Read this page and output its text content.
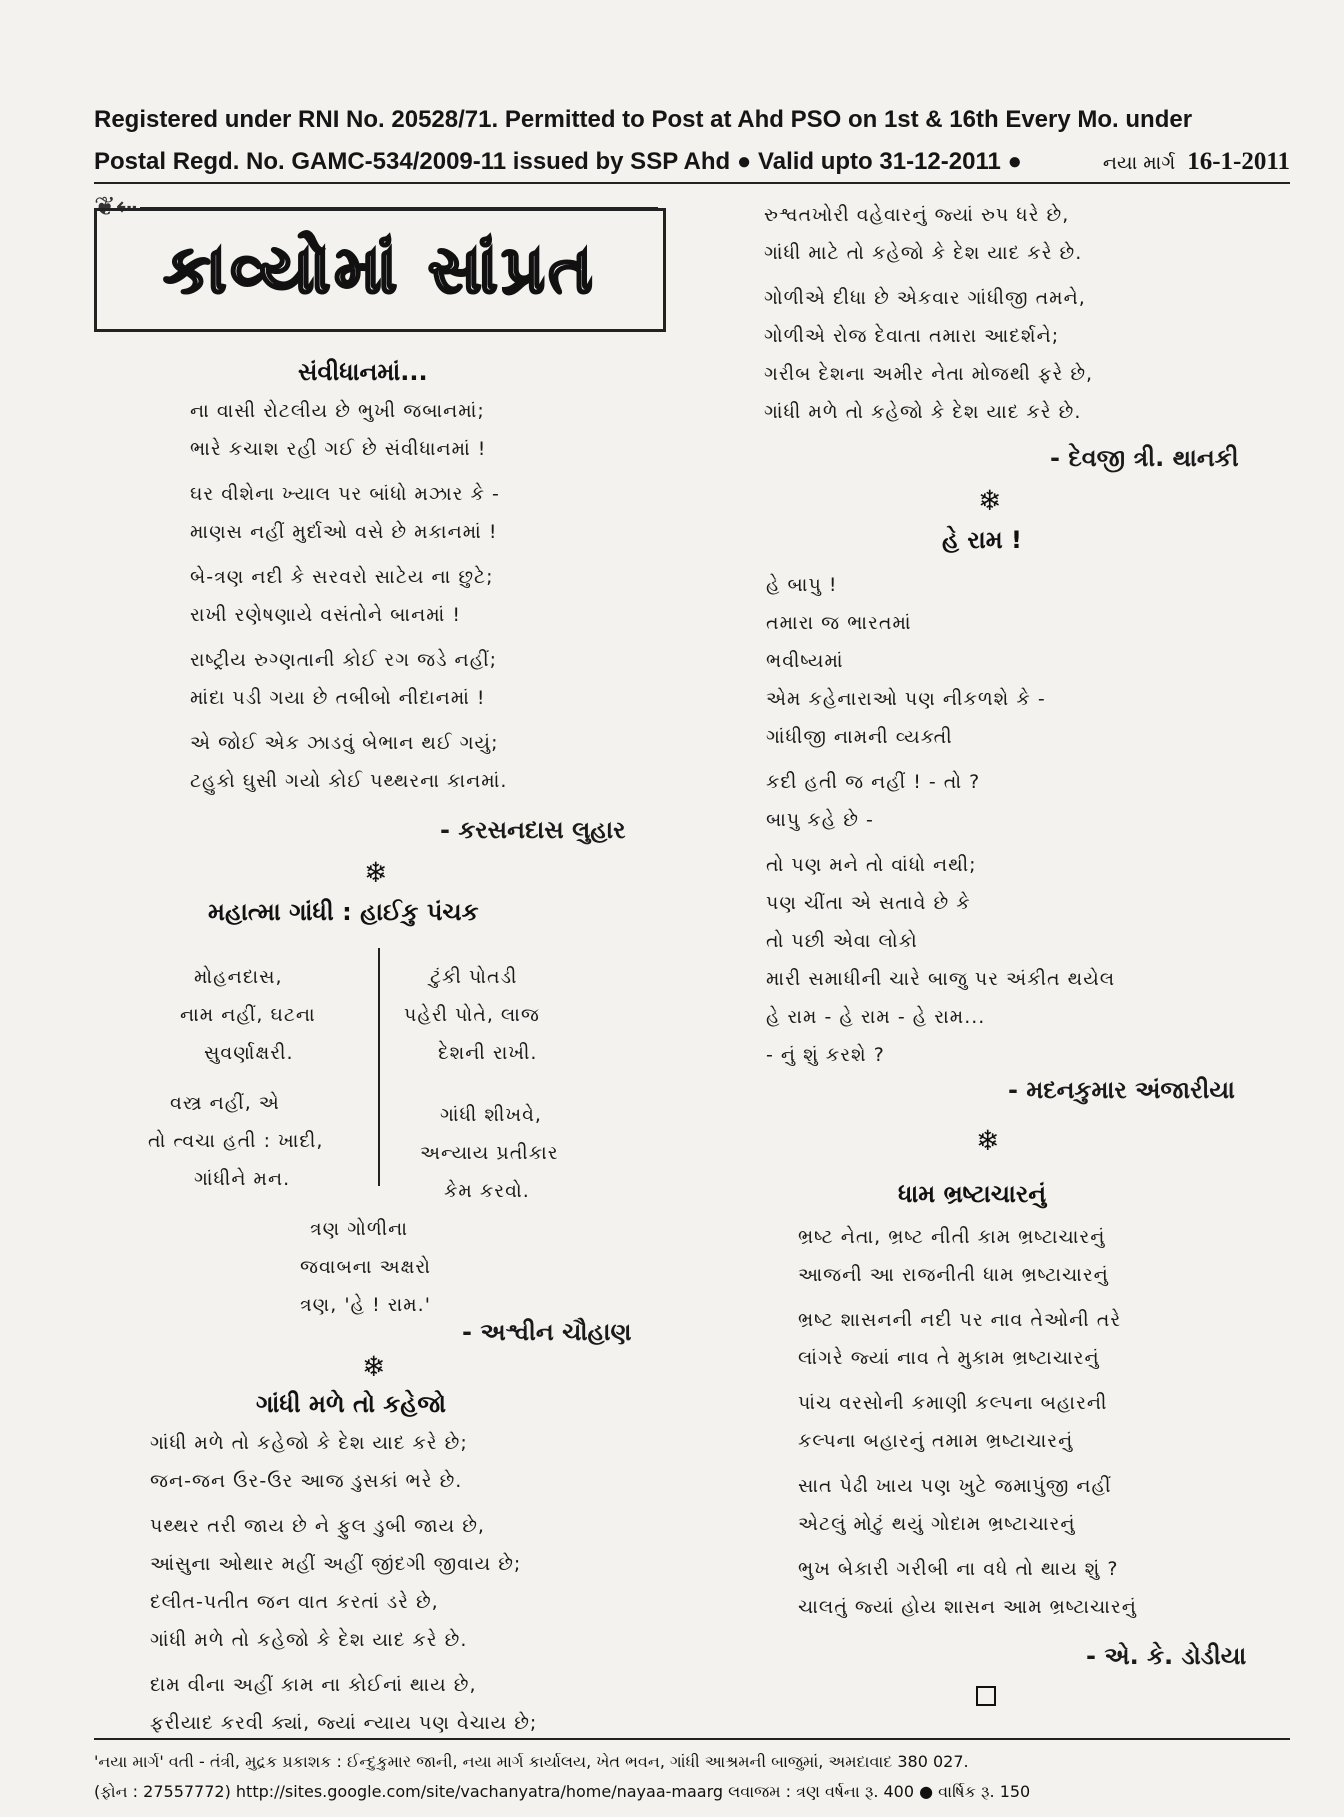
Registered under RNI No. 20528/71. Permitted to Post at Ahd PSO on 1st & 16th Every Mo. under
Postal Regd. No. GAMC-534/2009-11 issued by SSP Ahd ● Valid upto 31-12-2011 ●	નયા માર્ગ 16-1-2011
❦⇠
કાવ્યોમાં સાંપ્રત
સંવીધાનમાં...
ના વાસી રોટલીય છે ભુખી જબાનમાં;
ભારે કચાશ રહી ગઈ છે સંવીધાનમાં !
ઘર વીશેના ખ્યાલ પર બાંધો મઝાર કે -
માણસ નહીં મુર્દાઓ વસે છે મકાનમાં !
બે-ત્રણ નદી કે સરવરો સાટેય ના છુટે;
રાખી રણેષણાયે વસંતોને બાનમાં !
રાષ્ટ્રીય રુગ્ણતાની કોઈ રગ જડે નહીં;
માંદા પડી ગયા છે તબીબો નીદાનમાં !
એ જોઈ એક ઝાડવું બેભાન થઈ ગયું;
ટહુકો ઘુસી ગયો કોઈ પથ્થરના કાનમાં.
- કરસનદાસ લુહાર
❄
મહાત્મા ગાંધી : હાઈકુ પંચક
મોહનદાસ,
નામ નહીં, ઘટના
સુવર્ણાક્ષરી.
વસ્ત્ર નહીં, એ
તો ત્વચા હતી : ખાદી,
ગાંધીને મન.
ટુંકી પોતડી
પહેરી પોતે, લાજ
દેશની રાખી.
ગાંધી શીખવે,
અન્યાય પ્રતીકાર
કેમ કરવો.
ત્રણ ગોળીના
જવાબના અક્ષરો
ત્રણ, 'હે ! રામ.'
- અશ્વીન ચૌહાણ
❄
ગાંધી મળે તો કહેજો
ગાંધી મળે તો કહેજો કે દેશ યાદ કરે છે;
જન-જન ઉર-ઉર આજ ડુસકાં ભરે છે.
પથ્થર તરી જાય છે ને ફુલ ડુબી જાય છે,
આંસુના ઓથાર મહીં અહીં જીંદગી જીવાય છે;
દલીત-પતીત જન વાત કરતાં ડરે છે,
ગાંધી મળે તો કહેજો કે દેશ યાદ કરે છે.
દામ વીના અહીં કામ ના કોઈનાં થાય છે,
ફરીયાદ કરવી ક્યાં, જ્યાં ન્યાય પણ વેચાય છે;
રુશ્વતખોરી વહેવારનું જ્યાં રુપ ધરે છે,
ગાંધી માટે તો કહેજો કે દેશ યાદ કરે છે.
ગોળીએ દીધા છે એકવાર ગાંધીજી તમને,
ગોળીએ રોજ દેવાતા તમારા આદર્શને;
ગરીબ દેશના અમીર નેતા મોજથી ફરે છે,
ગાંધી મળે તો કહેજો કે દેશ યાદ કરે છે.
- દેવજી ત્રી. થાનકી
❄
હે રામ !
હે બાપુ !
તમારા જ ભારતમાં
ભવીષ્યમાં
એમ કહેનારાઓ પણ નીકળશે કે -
ગાંધીજી નામની વ્યક્તી
કદી હતી જ નહીં ! - તો ?
બાપુ કહે છે -
તો પણ મને તો વાંધો નથી;
પણ ચીંતા એ સતાવે છે કે
તો પછી એવા લોકો
મારી સમાધીની ચારે બાજુ પર અંકીત થયેલ
હે રામ - હે રામ - હે રામ...
- નું શું કરશે ?
- મદનકુમાર અંજારીયા
❄
ધામ ભ્રષ્ટાચારનું
ભ્રષ્ટ નેતા, ભ્રષ્ટ નીતી કામ ભ્રષ્ટાચારનું
આજની આ રાજનીતી ધામ ભ્રષ્ટાચારનું
ભ્રષ્ટ શાસનની નદી પર નાવ તેઓની તરે
લાંગરે જ્યાં નાવ તે મુકામ ભ્રષ્ટાચારનું
પાંચ વરસોની કમાણી કલ્પના બહારની
કલ્પના બહારનું તમામ ભ્રષ્ટાચારનું
સાત પેઢી ખાય પણ ખુટે જમાપુંજી નહીં
એટલું મોટું થયું ગોદામ ભ્રષ્ટાચારનું
ભુખ બેકારી ગરીબી ના વધે તો થાય શું ?
ચાલતું જ્યાં હોય શાસન આમ ભ્રષ્ટાચારનું
- એ. કે. ડોડીયા
'નયા માર્ગ' વતી - તંત્રી, મુદ્રક પ્રકાશક : ઈન્દુકુમાર જાની, નયા માર્ગ કાર્યાલય, ખેત ભવન, ગાંધી આશ્રમની બાજુમાં, અમદાવાદ 380 027.
(ફોન : 27557772) http://sites.google.com/site/vachanyatra/home/nayaa-maarg લવાજમ : ત્રણ વર્ષના રૂ. 400 ● વાર્ષિક રૂ. 150
